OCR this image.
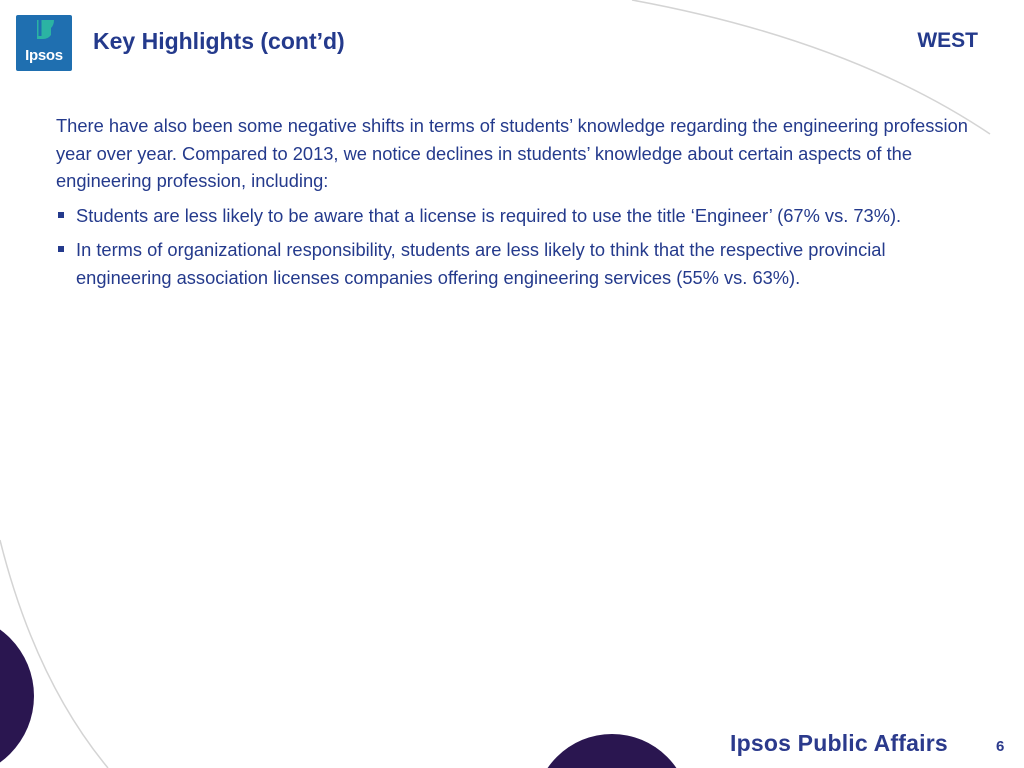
Ipsos
Key Highlights (cont’d)	WEST

There have also been some negative shifts in terms of students’ knowledge regarding the engineering profession year over year. Compared to 2013, we notice declines in students’ knowledge about certain aspects of the engineering profession, including:

Students are less likely to be aware that a license is required to use the title ‘Engineer’ (67% vs. 73%).
In terms of organizational responsibility, students are less likely to think that the respective provincial engineering association licenses companies offering engineering services (55% vs. 63%).
Ipsos Public Affairs	6
